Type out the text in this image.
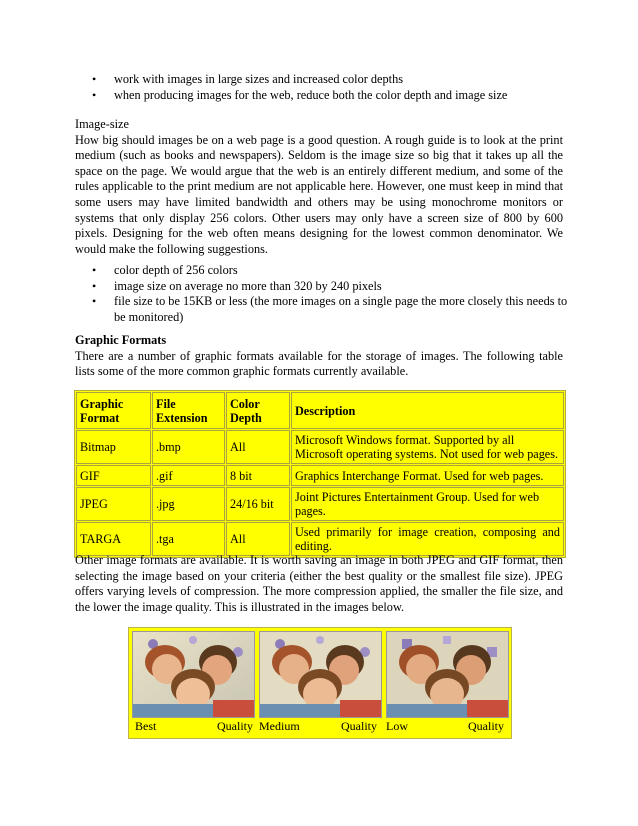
• work with images in large sizes and increased color depths
• when producing images for the web, reduce both the color depth and image size
Image-size
How big should images be on a web page is a good question. A rough guide is to look at the print medium (such as books and newspapers). Seldom is the image size so big that it takes up all the space on the page. We would argue that the web is an entirely different medium, and some of the rules applicable to the print medium are not applicable here. However, one must keep in mind that some users may have limited bandwidth and others may be using monochrome monitors or systems that only display 256 colors. Other users may only have a screen size of 800 by 600 pixels. Designing for the web often means designing for the lowest common denominator. We would make the following suggestions.
• color depth of 256 colors
• image size on average no more than 320 by 240 pixels
• file size to be 15KB or less (the more images on a single page the more closely this needs to be monitored)
Graphic Formats
There are a number of graphic formats available for the storage of images. The following table lists some of the more common graphic formats currently available.
Graphic Format	File Extension	Color Depth	Description
Bitmap	.bmp	All	Microsoft Windows format. Supported by all Microsoft operating systems. Not used for web pages.
GIF	.gif	8 bit	Graphics Interchange Format. Used for web pages.
JPEG	.jpg	24/16 bit	Joint Pictures Entertainment Group. Used for web pages.
TARGA	.tga	All	Used primarily for image creation, composing and editing.
Other image formats are available. It is worth saving an image in both JPEG and GIF format, then selecting the image based on your criteria (either the best quality or the smallest file size). JPEG offers varying levels of compression. The more compression applied, the smaller the file size, and the lower the image quality. This is illustrated in the images below.
Best	Quality Medium	Quality Low	Quality
